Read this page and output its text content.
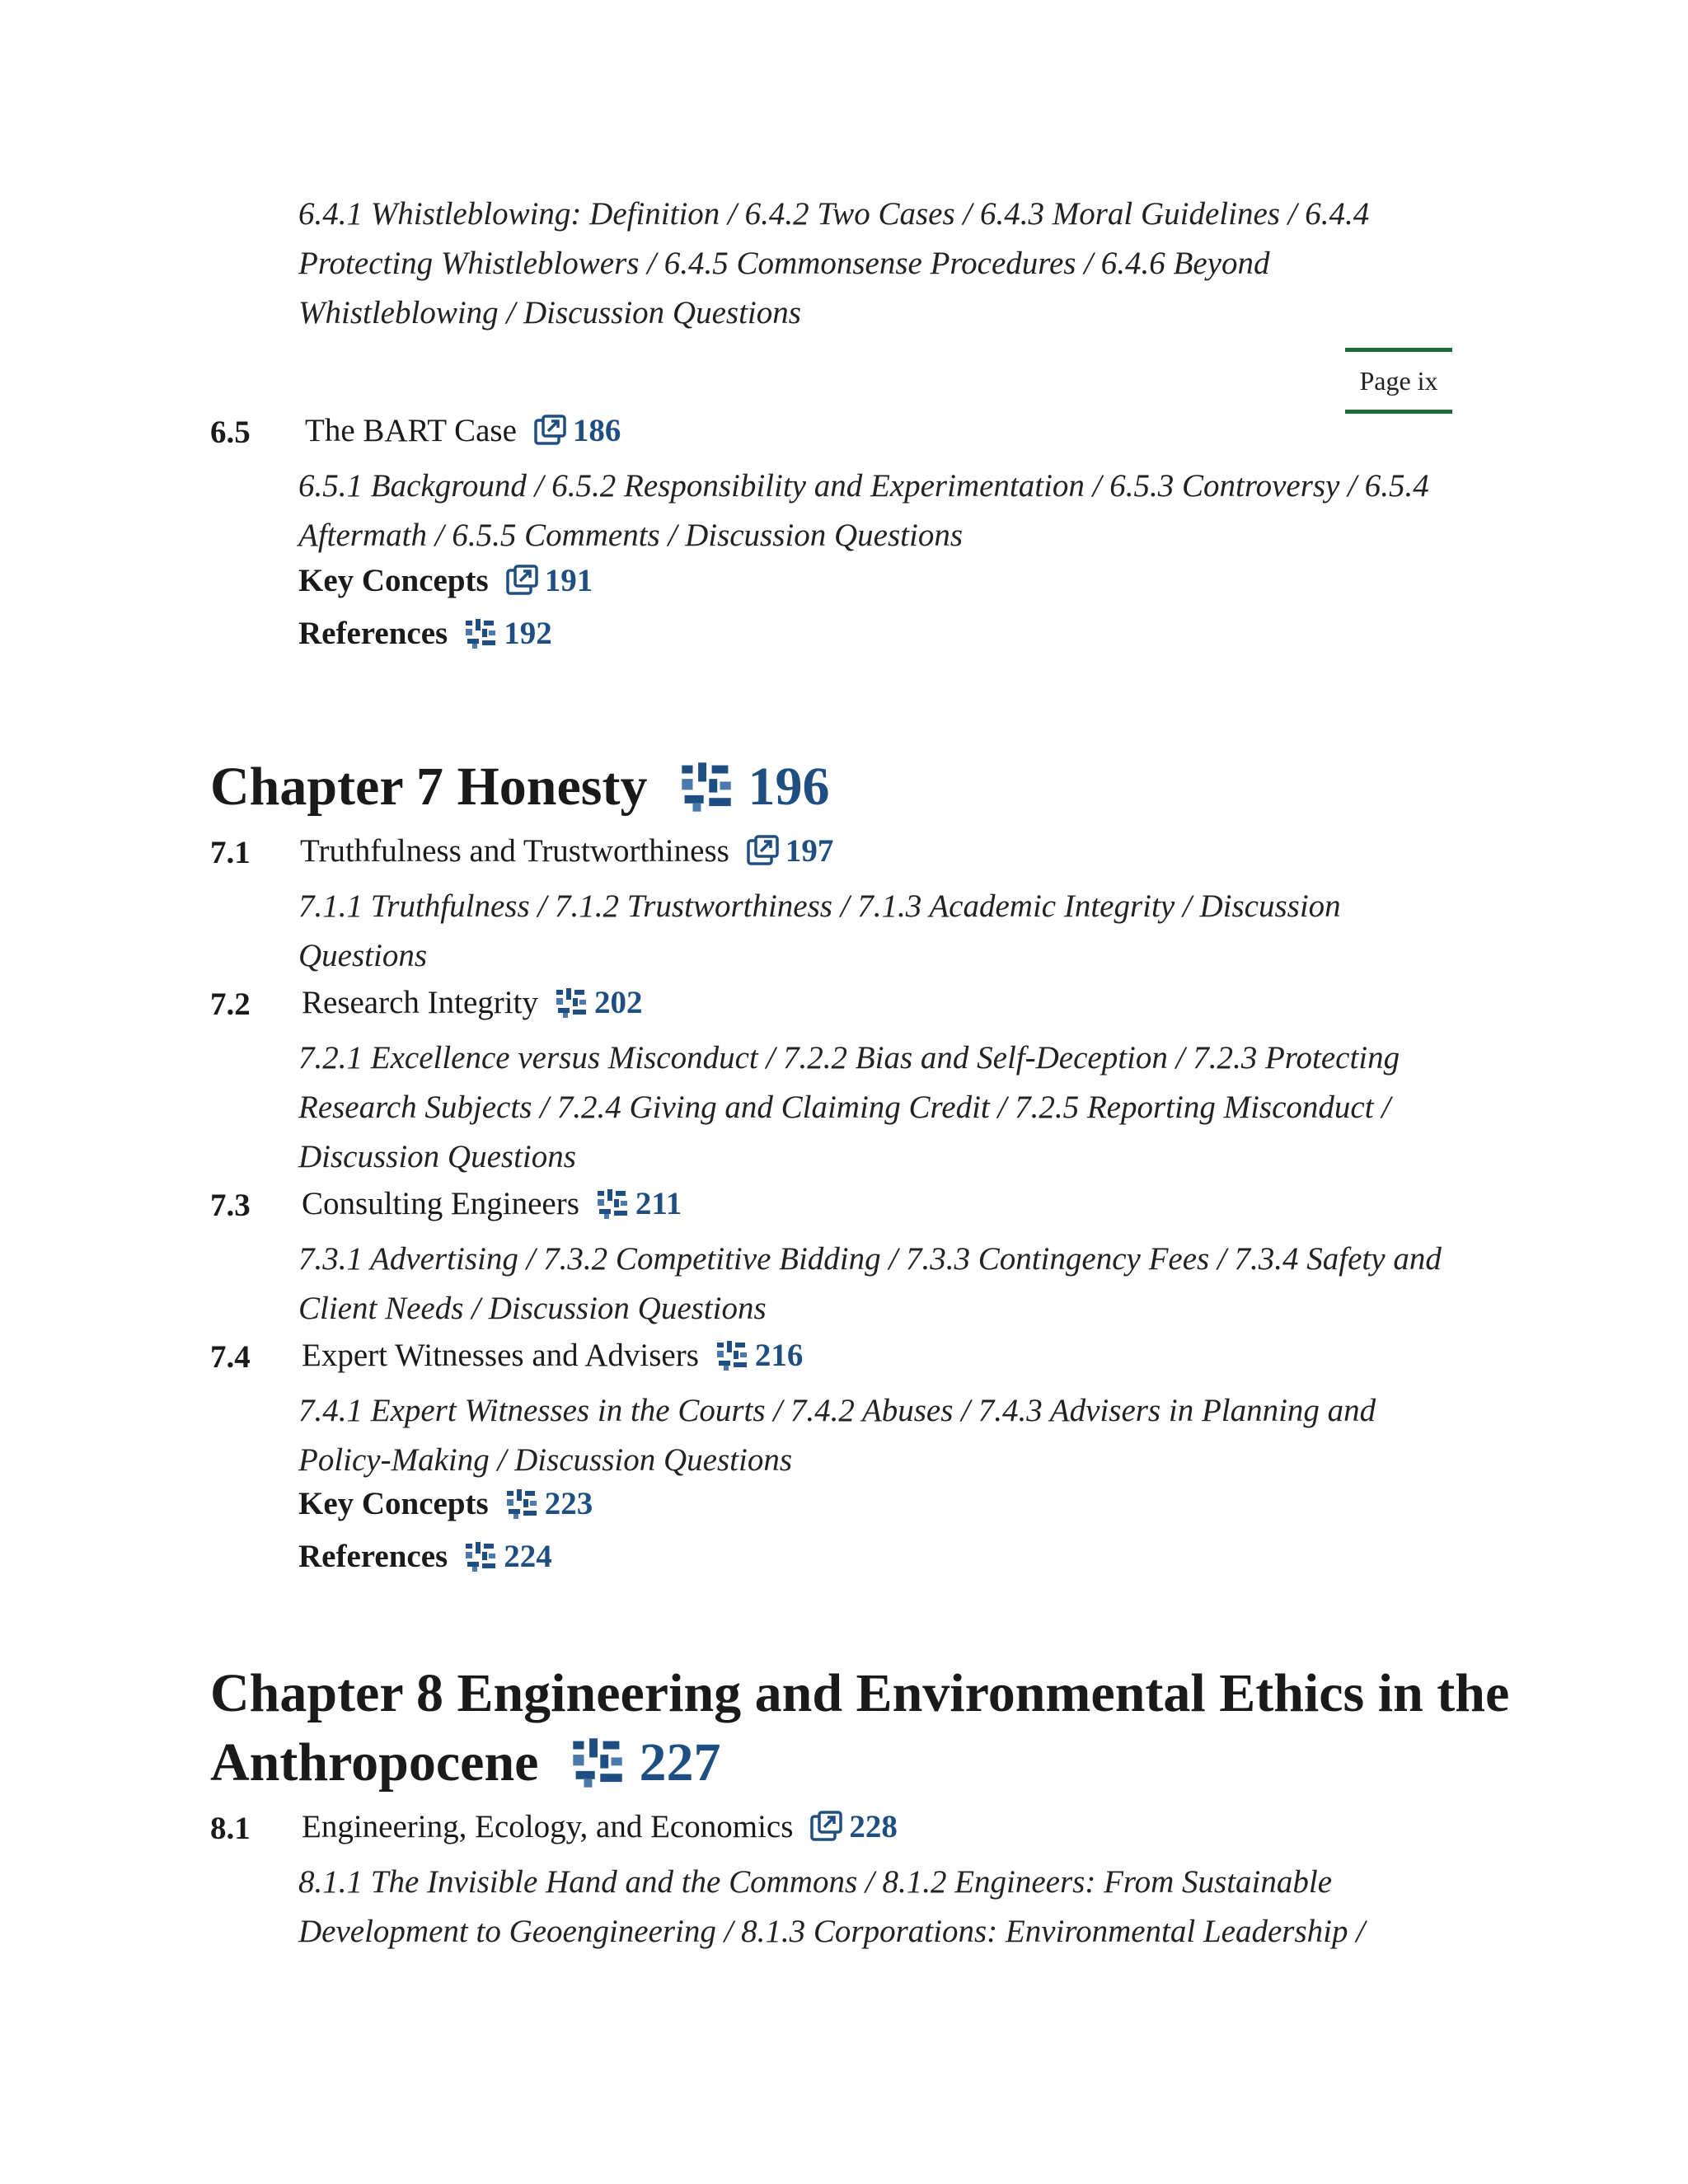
6.4.1 Whistleblowing: Definition / 6.4.2 Two Cases / 6.4.3 Moral Guidelines / 6.4.4 Protecting Whistleblowers / 6.4.5 Commonsense Procedures / 6.4.6 Beyond Whistleblowing / Discussion Questions
Page ix
6.5 The BART Case 186
6.5.1 Background / 6.5.2 Responsibility and Experimentation / 6.5.3 Controversy / 6.5.4 Aftermath / 6.5.5 Comments / Discussion Questions
Key Concepts 191
References 192
Chapter 7 Honesty 196
7.1 Truthfulness and Trustworthiness 197
7.1.1 Truthfulness / 7.1.2 Trustworthiness / 7.1.3 Academic Integrity / Discussion Questions
7.2 Research Integrity 202
7.2.1 Excellence versus Misconduct / 7.2.2 Bias and Self-Deception / 7.2.3 Protecting Research Subjects / 7.2.4 Giving and Claiming Credit / 7.2.5 Reporting Misconduct / Discussion Questions
7.3 Consulting Engineers 211
7.3.1 Advertising / 7.3.2 Competitive Bidding / 7.3.3 Contingency Fees / 7.3.4 Safety and Client Needs / Discussion Questions
7.4 Expert Witnesses and Advisers 216
7.4.1 Expert Witnesses in the Courts / 7.4.2 Abuses / 7.4.3 Advisers in Planning and Policy-Making / Discussion Questions
Key Concepts 223
References 224
Chapter 8 Engineering and Environmental Ethics in the
Anthropocene 227
8.1 Engineering, Ecology, and Economics 228
8.1.1 The Invisible Hand and the Commons / 8.1.2 Engineers: From Sustainable Development to Geoengineering / 8.1.3 Corporations: Environmental Leadership /
